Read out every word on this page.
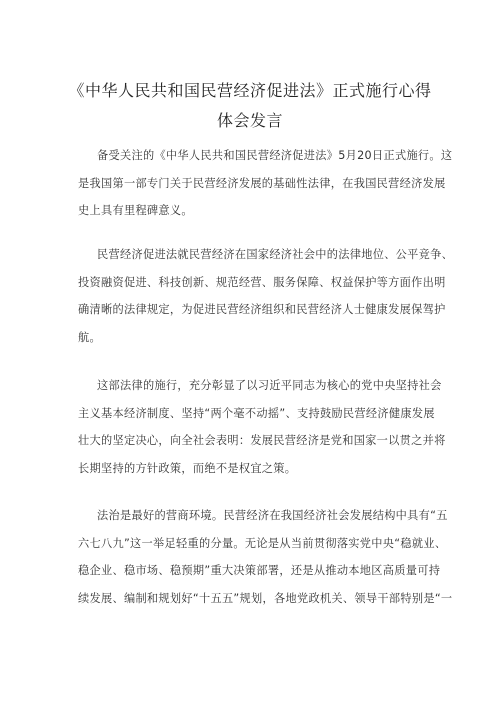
《中华人民共和国民营经济促进法》正式施行心得
体会发言
备受关注的《中华人民共和国民营经济促进法》5月20日正式施行。这
是我国第一部专门关于民营经济发展的基础性法律，在我国民营经济发展
史上具有里程碑意义。
民营经济促进法就民营经济在国家经济社会中的法律地位、公平竞争、
投资融资促进、科技创新、规范经营、服务保障、权益保护等方面作出明
确清晰的法律规定，为促进民营经济组织和民营经济人士健康发展保驾护
航。
这部法律的施行，充分彰显了以习近平同志为核心的党中央坚持社会
主义基本经济制度、坚持“两个毫不动摇”、支持鼓励民营经济健康发展
壮大的坚定决心，向全社会表明：发展民营经济是党和国家一以贯之并将
长期坚持的方针政策，而绝不是权宜之策。
法治是最好的营商环境。民营经济在我国经济社会发展结构中具有“五
六七八九”这一举足轻重的分量。无论是从当前贯彻落实党中央“稳就业、
稳企业、稳市场、稳预期”重大决策部署，还是从推动本地区高质量可持
续发展、编制和规划好“十五五”规划，各地党政机关、领导干部特别是“一
